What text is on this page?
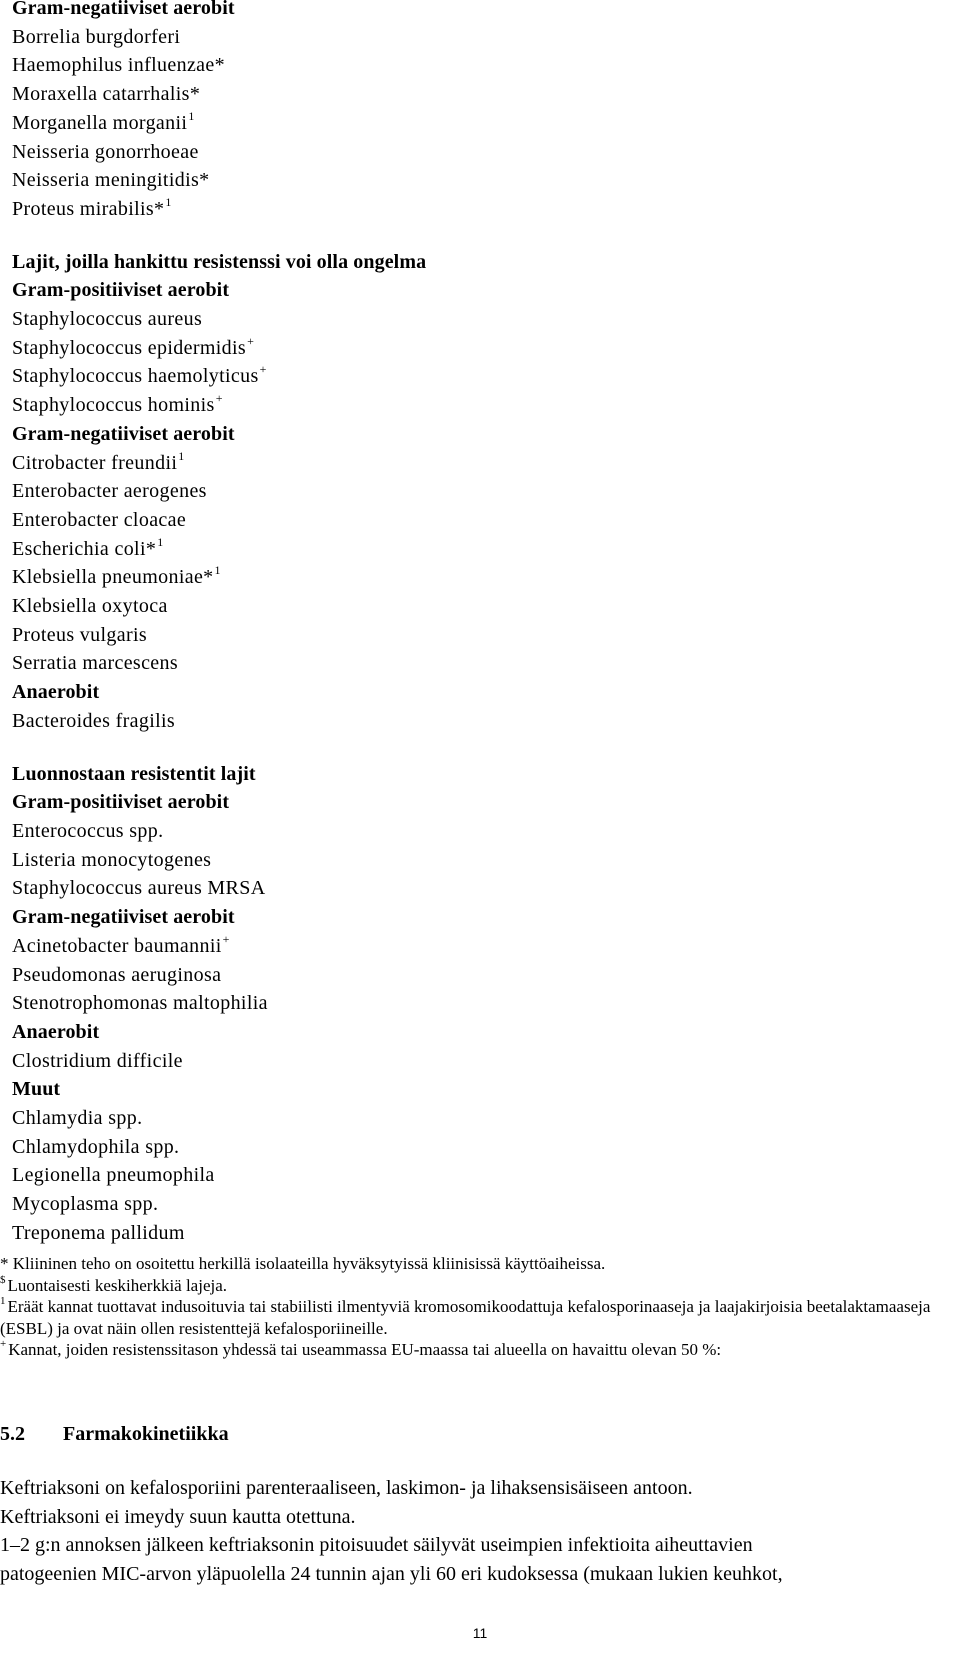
Gram-negatiiviset aerobit
Borrelia burgdorferi
Haemophilus influenzae*
Moraxella catarrhalis*
Morganella morganii$^1$
Neisseria gonorrhoeae
Neisseria meningitidis*
Proteus mirabilis*$^1$
Lajit, joilla hankittu resistenssi voi olla ongelma
Gram-positiiviset aerobit
Staphylococcus aureus
Staphylococcus epidermidis+
Staphylococcus haemolyticus+
Staphylococcus hominis+
Gram-negatiiviset aerobit
Citrobacter freundii$^1$
Enterobacter aerogenes
Enterobacter cloacae
Escherichia coli*$^1$
Klebsiella pneumoniae*$^1$
Klebsiella oxytoca
Proteus vulgaris
Serratia marcescens
Anaerobit
Bacteroides fragilis
Luonnostaan resistentit lajit
Gram-positiiviset aerobit
Enterococcus spp.
Listeria monocytogenes
Staphylococcus aureus MRSA
Gram-negatiiviset aerobit
Acinetobacter baumannii+
Pseudomonas aeruginosa
Stenotrophomonas maltophilia
Anaerobit
Clostridium difficile
Muut
Chlamydia spp.
Chlamydophila spp.
Legionella pneumophila
Mycoplasma spp.
Treponema pallidum
* Kliininen teho on osoitettu herkillä isolaateilla hyväksytyissä kliinisissä käyttöaiheissa.
$ Luontaisesti keskiherkkiä lajeja.
$^1$ Eräät kannat tuottavat indusoituvia tai stabiilisti ilmentyviä kromosomikoodattuja kefalosporinaaseja ja laajakirjoisia beetalaktamaaseja (ESBL) ja ovat näin ollen resistenttejä kefalosporiineille.
+ Kannat, joiden resistenssitason yhdessä tai useammassa EU-maassa tai alueella on havaittu olevan 50 %:
5.2 Farmakokinetiikka
Keftriaksoni on kefalosporiini parenteraaliseen, laskimon- ja lihaksensisäiseen antoon.
Keftriaksoni ei imeydy suun kautta otettuna.
1–2 g:n annoksen jälkeen keftriaksonin pitoisuudet säilyvät useimpien infektioita aiheuttavien
patogeenien MIC-arvon yläpuolella 24 tunnin ajan yli 60 eri kudoksessa (mukaan lukien keuhkot,
11
